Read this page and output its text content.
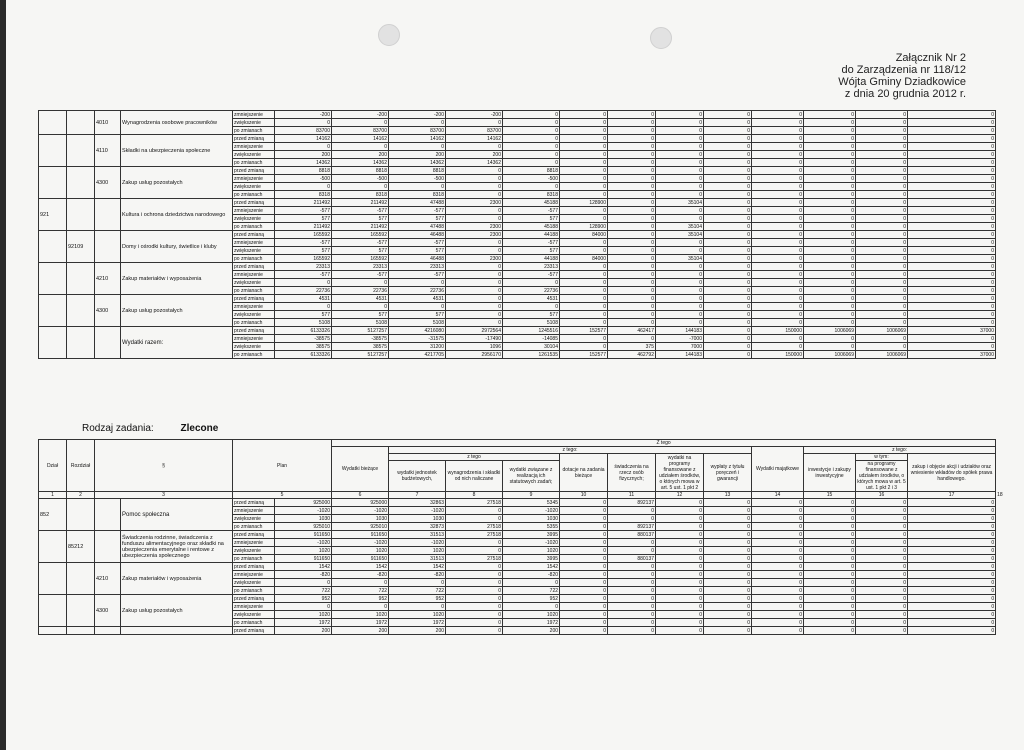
Załącznik Nr 2
do Zarządzenia nr 118/12
Wójta Gminy Dziadkowice
z dnia 20 grudnia 2012 r.
		4010	Wynagrodzenia osobowe pracowników	zmniejszenie	-200	-200	-200	-200	0	0	0	0	0	0	0	0	0
				zwiększenie	0	0	0	0	0	0	0	0	0	0	0	0	0
				po zmianach	83700	83700	83700	83700	0	0	0	0	0	0	0	0	0
		4110	Składki na ubezpieczenia społeczne	przed zmianą	14162	14162	14162	14162	0	0	0	0	0	0	0	0	0
				zmniejszenie	0	0	0	0	0	0	0	0	0	0	0	0	0
				zwiększenie	200	200	200	200	0	0	0	0	0	0	0	0	0
				po zmianach	14362	14362	14362	14362	0	0	0	0	0	0	0	0	0
		4300	Zakup usług pozostałych	przed zmianą	8818	8818	8818	0	8818	0	0	0	0	0	0	0	0
				zmniejszenie	-500	-500	-500	0	-500	0	0	0	0	0	0	0	0
				zwiększenie	0	0	0	0	0	0	0	0	0	0	0	0	0
				po zmianach	8318	8318	8318	0	8318	0	0	0	0	0	0	0	0
921			Kultura i ochrona dziedzictwa narodowego	przed zmianą	211492	211492	47488	2300	45188	128900	0	35104	0	0	0	0	0
				zmniejszenie	-577	-577	-577	0	-577	0	0	0	0	0	0	0	0
				zwiększenie	577	577	577	0	577	0	0	0	0	0	0	0	0
				po zmianach	211492	211492	47488	2300	45188	128900	0	35104	0	0	0	0	0
	92109		Domy i ośrodki kultury, świetlice i kluby	przed zmianą	165592	165592	46488	2300	44188	84000	0	35104	0	0	0	0	0
				zmniejszenie	-577	-577	-577	0	-577	0	0	0	0	0	0	0	0
				zwiększenie	577	577	577	0	577	0	0	0	0	0	0	0	0
				po zmianach	165592	165592	46488	2300	44188	84000	0	35104	0	0	0	0	0
		4210	Zakup materiałów i wyposażenia	przed zmianą	23313	23313	23313	0	23313	0	0	0	0	0	0	0	0
				zmniejszenie	-577	-577	-577	0	-577	0	0	0	0	0	0	0	0
				zwiększenie	0	0	0	0	0	0	0	0	0	0	0	0	0
				po zmianach	22736	22736	22736	0	22736	0	0	0	0	0	0	0	0
		4300	Zakup usług pozostałych	przed zmianą	4531	4531	4531	0	4531	0	0	0	0	0	0	0	0
				zmniejszenie	0	0	0	0	0	0	0	0	0	0	0	0	0
				zwiększenie	577	577	577	0	577	0	0	0	0	0	0	0	0
				po zmianach	5108	5108	5108	0	5108	0	0	0	0	0	0	0	0
			Wydatki razem:	przed zmianą	6133326	5127257	4216080	2972564	1245516	152577	462417	144183	0	150000	1006069	1006069	37000
				zmniejszenie	-38575	-38575	-31575	-17490	-14085	0	0	-7000	0	0	0	0	0
				zwiększenie	38575	38575	31200	1096	30104	0	375	7000	0	0	0	0	0
				po zmianach	6133326	5127257	4217705	2956170	1261535	152577	462792	144183	0	150000	1006069	1006069	37000
Rodzaj zadania:	Zlecone
Dział	Rozdział	§		Plan		Z tego												
						Wydatki bieżące	z tego:							Wydatki majątkowe	z tego:			
							z tego			dotacje na zadania bieżące	świadczenia na rzecz osób fizycznych;	wydatki na programy finansowane z udziałem środków, o których mowa w art. 5 ust. 1 pkt 2	wypłaty z tytułu poręczeń i gwarancji		inwestycje i zakupy inwestycyjne	w tym:	zakup i objęcie akcji i udziałów oraz wniesienie wkładów do spółek prawa handlowego.	
							wydatki jednostek budżetowych,	wynagrodzenia i składki od nich naliczane	wydatki związane z realizacją ich statutowych zadań;							na programy finansowane z udziałem środków, o których mowa w art. 5 ust. 1 pkt 2 i 3		
1	2	3		5		6	7	8	9	10	11	12	13	14	15	16	17	18
852			Pomoc społeczna	przed zmianą	925000	925000	32863	27518	5345	0	892137	0	0	0	0	0	0	
				zmniejszenie	-1020	-1020	-1020	0	-1020	0	0	0	0	0	0	0	0	
				zwiększenie	1030	1030	1030	0	1030	0	0	0	0	0	0	0	0	
				po zmianach	925010	925010	32873	27518	5355	0	892137	0	0	0	0	0	0	
	85212		Świadczenia rodzinne, świadczenia z funduszu alimentacyjnego oraz składki na ubezpieczenia emerytalne i rentowe z ubezpieczenia społecznego	przed zmianą	911650	911650	31513	27518	3995	0	880137	0	0	0	0	0	0	
				zmniejszenie	-1020	-1020	-1020	0	-1020	0	0	0	0	0	0	0	0	
				zwiększenie	1020	1020	1020	0	1020	0	0	0	0	0	0	0	0	
				po zmianach	911650	911650	31513	27518	3995	0	880137	0	0	0	0	0	0	
		4210	Zakup materiałów i wyposażenia	przed zmianą	1542	1542	1542	0	1542	0	0	0	0	0	0	0	0	
				zmniejszenie	-820	-820	-820	0	-820	0	0	0	0	0	0	0	0	
				zwiększenie	0	0	0	0	0	0	0	0	0	0	0	0	0	
				po zmianach	722	722	722	0	722	0	0	0	0	0	0	0	0	
		4300	Zakup usług pozostałych	przed zmianą	952	952	952	0	952	0	0	0	0	0	0	0	0	
				zmniejszenie	0	0	0	0	0	0	0	0	0	0	0	0	0	
				zwiększenie	1020	1020	1020	0	1020	0	0	0	0	0	0	0	0	
				po zmianach	1972	1972	1972	0	1972	0	0	0	0	0	0	0	0	
				przed zmianą	200	200	200	0	200	0	0	0	0	0	0	0	0	
